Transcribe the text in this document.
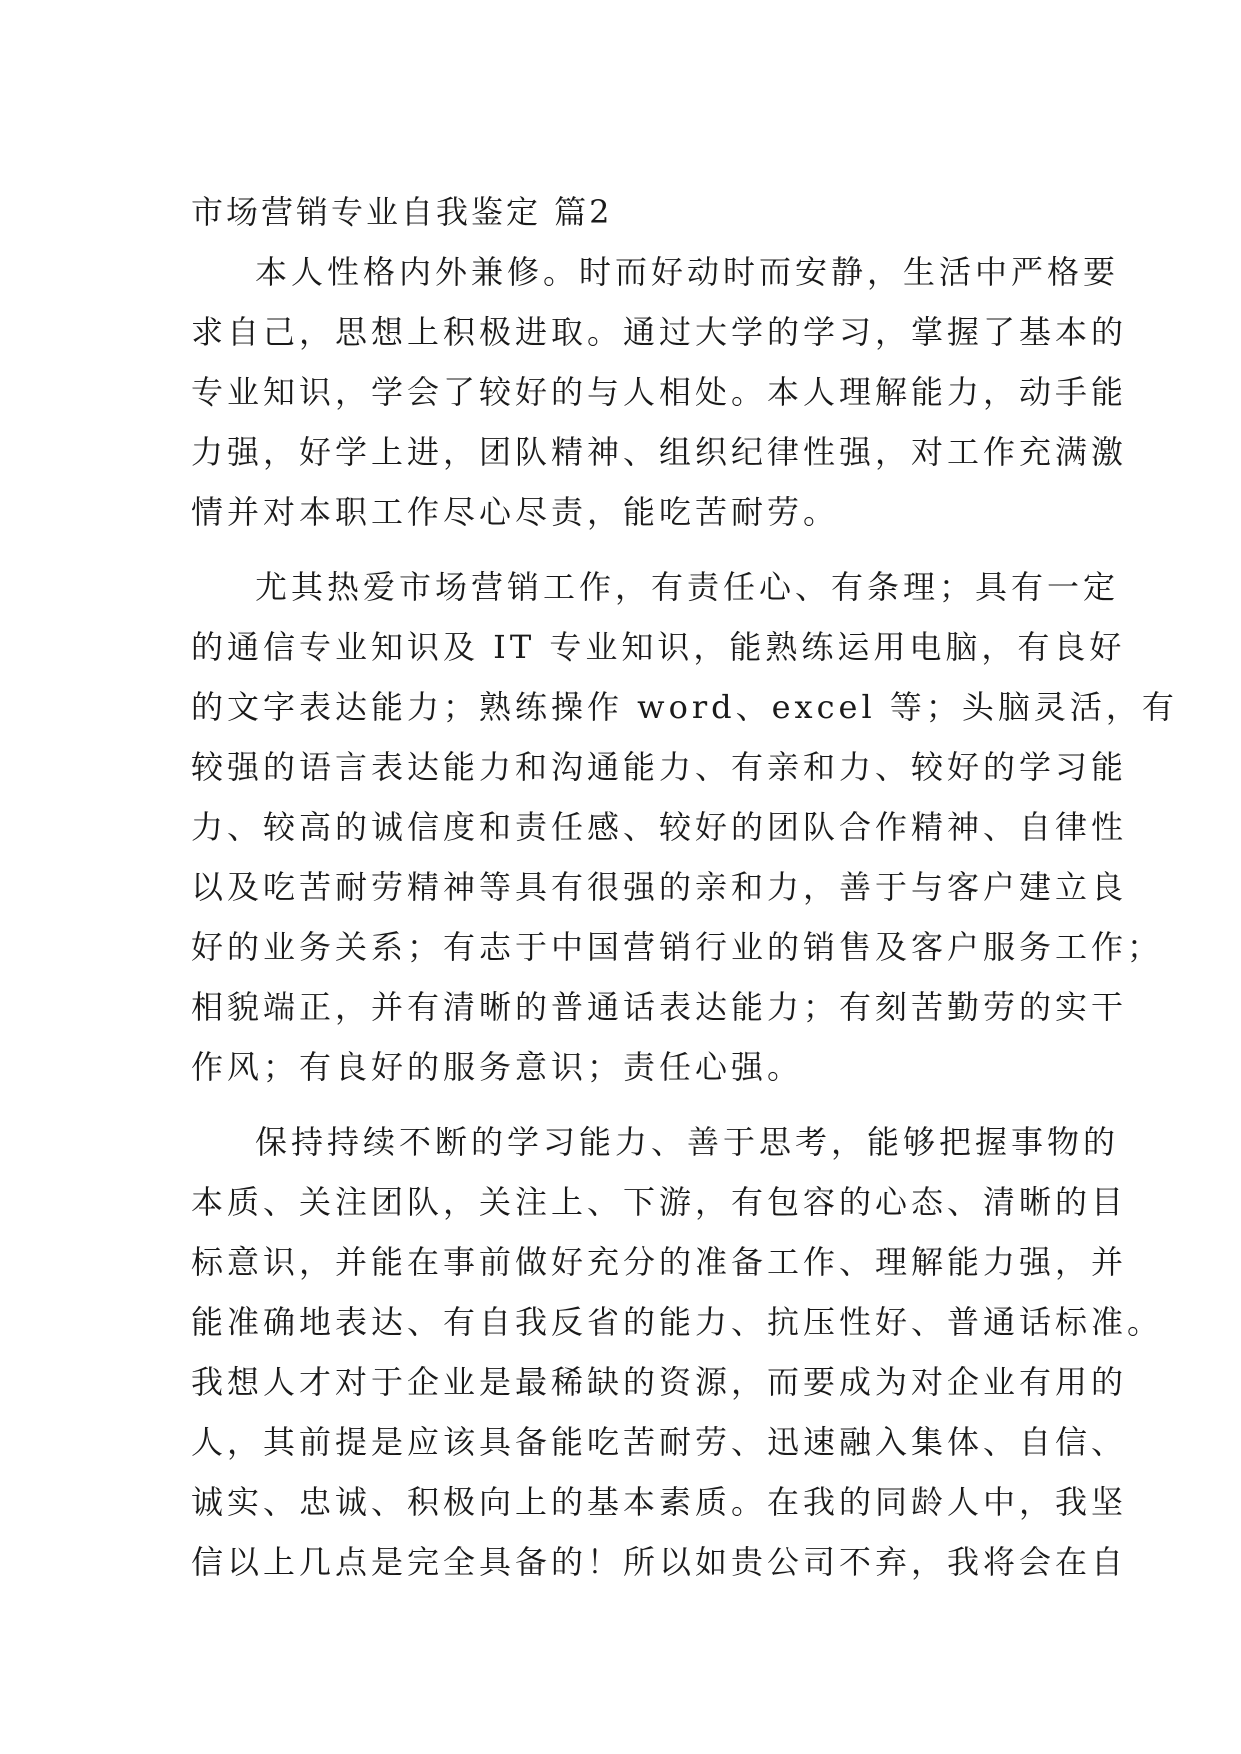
市场营销专业自我鉴定 篇2
本人性格内外兼修。时而好动时而安静，生活中严格要
求自己，思想上积极进取。通过大学的学习，掌握了基本的
专业知识，学会了较好的与人相处。本人理解能力，动手能
力强，好学上进，团队精神、组织纪律性强，对工作充满激
情并对本职工作尽心尽责，能吃苦耐劳。
尤其热爱市场营销工作，有责任心、有条理；具有一定
的通信专业知识及 IT 专业知识，能熟练运用电脑，有良好
的文字表达能力；熟练操作 word、excel 等；头脑灵活，有
较强的语言表达能力和沟通能力、有亲和力、较好的学习能
力、较高的诚信度和责任感、较好的团队合作精神、自律性
以及吃苦耐劳精神等具有很强的亲和力，善于与客户建立良
好的业务关系；有志于中国营销行业的销售及客户服务工作；
相貌端正，并有清晰的普通话表达能力；有刻苦勤劳的实干
作风；有良好的服务意识；责任心强。
保持持续不断的学习能力、善于思考，能够把握事物的
本质、关注团队，关注上、下游，有包容的心态、清晰的目
标意识，并能在事前做好充分的准备工作、理解能力强，并
能准确地表达、有自我反省的能力、抗压性好、普通话标准。
我想人才对于企业是最稀缺的资源，而要成为对企业有用的
人，其前提是应该具备能吃苦耐劳、迅速融入集体、自信、
诚实、忠诚、积极向上的基本素质。在我的同龄人中，我坚
信以上几点是完全具备的！所以如贵公司不弃，我将会在自
